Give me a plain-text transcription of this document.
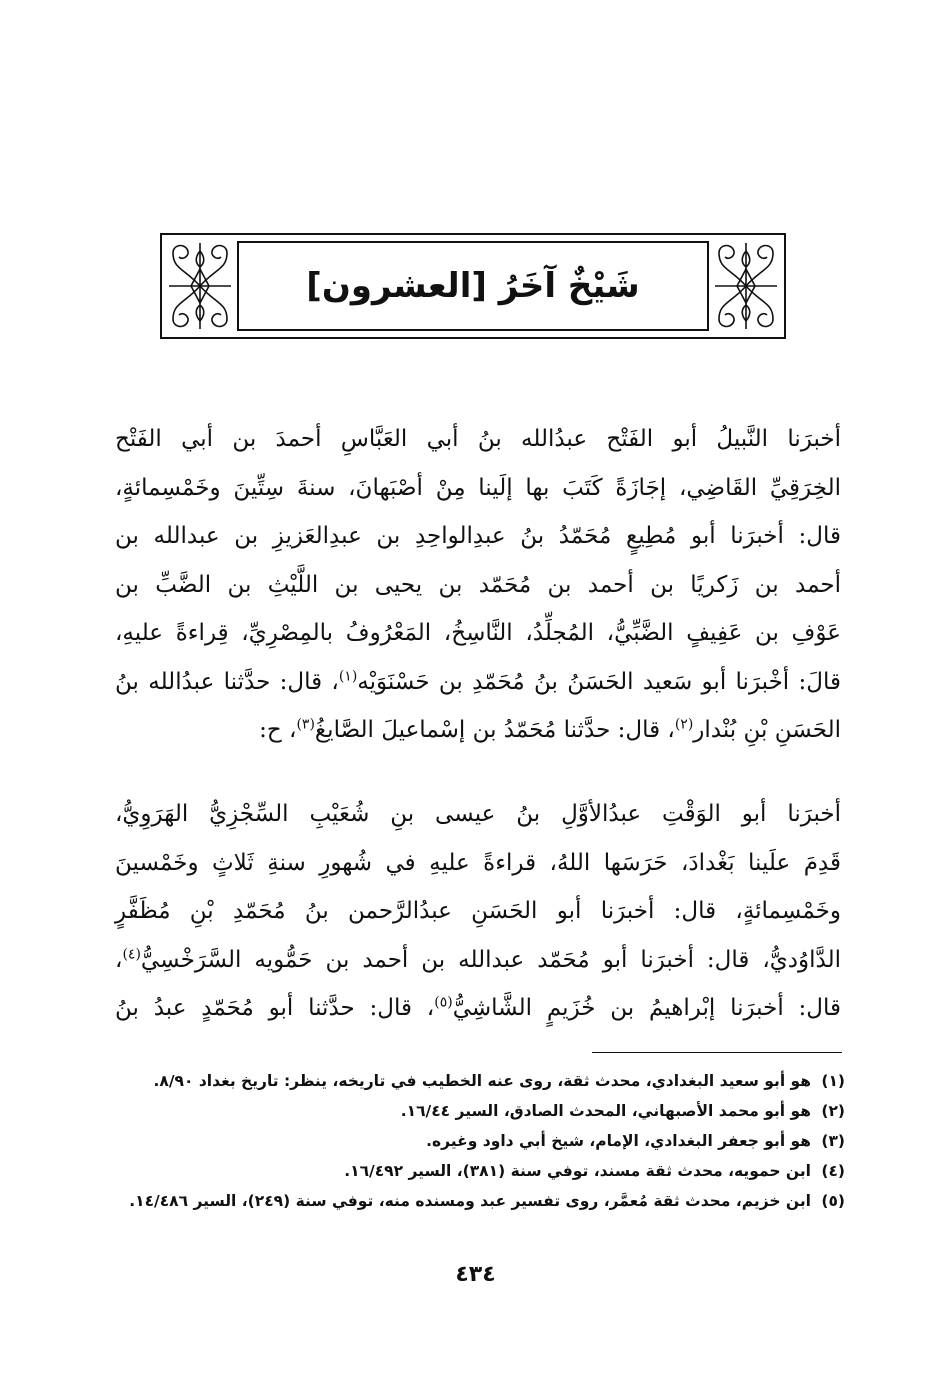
شَيْخٌ آخَرُ [العشرون]
أخبرَنا النَّبيلُ أبو الفَتْح عبدُالله بنُ أبي العَبَّاسِ أحمدَ بن أبي الفَتْح
الخِرَقِيِّ القَاضِي، إجَازَةً كَتَبَ بها إلَينا مِنْ أصْبَهانَ، سنةَ سِتِّينَ وخَمْسِمائةٍ،
قال: أخبرَنا أبو مُطِيعٍ مُحَمّدُ بنُ عبدِالواحِدِ بن عبدِالعَزيزِ بن عبدالله بن
أحمد بن زَكريًا بن أحمد بن مُحَمّد بن يحيى بن اللَّيْثِ بن الضَّبِّ بن
عَوْفِ بن عَفِيفٍ الضَّبِّيُّ، المُجلِّدُ، النَّاسِخُ، المَعْرُوفُ بالمِصْرِيِّ، قِراءةً عليهِ،
قالَ: أخْبرَنا أبو سَعيد الحَسَنُ بنُ مُحَمّدِ بن حَسْنَوَيْه$^{(١)}$، قال: حدَّثنا عبدُالله بنُ
الحَسَنِ بْنِ بُنْدار$^{(٢)}$، قال: حدَّثنا مُحَمّدُ بن إسْماعيلَ الصَّايغُ$^{(٣)}$، ح:
أخبرَنا أبو الوَقْتِ عبدُالأوَّلِ بنُ عيسى بنِ شُعَيْبِ السِّجْزِيُّ الهَرَوِيُّ،
قَدِمَ علَينا بَغْدادَ، حَرَسَها اللهُ، قراءةً عليهِ في شُهورِ سنةِ ثَلاثٍ وخَمْسينَ
وخَمْسِمائةٍ، قال: أخبرَنا أبو الحَسَنِ عبدُالرَّحمن بنُ مُحَمّدِ بْنِ مُظَفَّرٍ
الدَّاوُديُّ، قال: أخبرَنا أبو مُحَمّد عبدالله بن أحمد بن حَمُّويه السَّرَخْسِيُّ$^{(٤)}$،
قال: أخبرَنا إبْراهيمُ بن خُزَيمٍ الشَّاشِيُّ$^{(٥)}$، قال: حدَّثنا أبو مُحَمّدٍ عبدُ بنُ
(١)هو أبو سعيد البغدادي، محدث ثقة، روى عنه الخطيب في تاريخه، ينظر: تاريخ بغداد ٨/٩٠.
(٢)هو أبو محمد الأصبهاني، المحدث الصادق، السير ١٦/٤٤.
(٣)هو أبو جعفر البغدادي، الإمام، شيخ أبي داود وغيره.
(٤)ابن حمويه، محدث ثقة مسند، توفي سنة (٣٨١)، السير ١٦/٤٩٢.
(٥)ابن خزيم، محدث ثقة مُعمَّر، روى تفسير عبد ومسنده منه، توفي سنة (٢٤٩)، السير ١٤/٤٨٦.
٤٣٤
